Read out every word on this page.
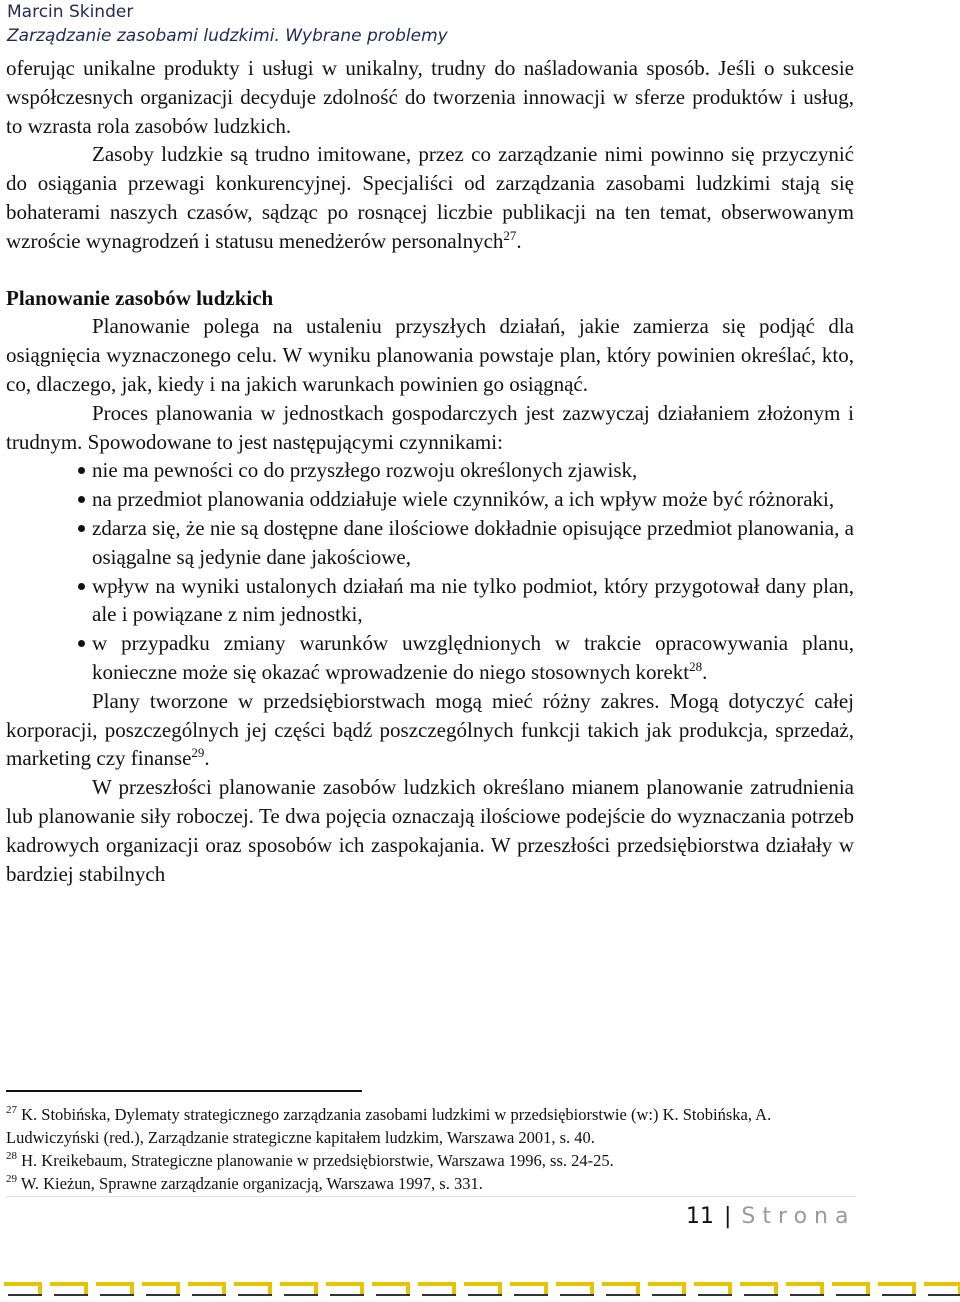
Marcin Skinder
Zarządzanie zasobami ludzkimi. Wybrane problemy

oferując unikalne produkty i usługi w unikalny, trudny do naśladowania sposób. Jeśli o sukcesie współczesnych organizacji decyduje zdolność do tworzenia innowacji w sferze produktów i usług, to wzrasta rola zasobów ludzkich.

Zasoby ludzkie są trudno imitowane, przez co zarządzanie nimi powinno się przyczynić do osiągania przewagi konkurencyjnej. Specjaliści od zarządzania zasobami ludzkimi stają się bohaterami naszych czasów, sądząc po rosnącej liczbie publikacji na ten temat, obserwowanym wzroście wynagrodzeń i statusu menedżerów personalnych$^{27}$.

Planowanie zasobów ludzkich

Planowanie polega na ustaleniu przyszłych działań, jakie zamierza się podjąć dla osiągnięcia wyznaczonego celu. W wyniku planowania powstaje plan, który powinien określać, kto, co, dlaczego, jak, kiedy i na jakich warunkach powinien go osiągnąć.

Proces planowania w jednostkach gospodarczych jest zazwyczaj działaniem złożonym i trudnym. Spowodowane to jest następującymi czynnikami:

nie ma pewności co do przyszłego rozwoju określonych zjawisk,
na przedmiot planowania oddziałuje wiele czynników, a ich wpływ może być różnoraki,
zdarza się, że nie są dostępne dane ilościowe dokładnie opisujące przedmiot planowania, a osiągalne są jedynie dane jakościowe,
wpływ na wyniki ustalonych działań ma nie tylko podmiot, który przygotował dany plan, ale i powiązane z nim jednostki,
w przypadku zmiany warunków uwzględnionych w trakcie opracowywania planu, konieczne może się okazać wprowadzenie do niego stosownych korekt$^{28}$.

Plany tworzone w przedsiębiorstwach mogą mieć różny zakres. Mogą dotyczyć całej korporacji, poszczególnych jej części bądź poszczególnych funkcji takich jak produkcja, sprzedaż, marketing czy finanse$^{29}$.

W przeszłości planowanie zasobów ludzkich określano mianem planowanie zatrudnienia lub planowanie siły roboczej. Te dwa pojęcia oznaczają ilościowe podejście do wyznaczania potrzeb kadrowych organizacji oraz sposobów ich zaspokajania. W przeszłości przedsiębiorstwa działały w bardziej stabilnych

$^{27}$ K. Stobińska, Dylematy strategicznego zarządzania zasobami ludzkimi w przedsiębiorstwie (w:) K. Stobińska, A. Ludwiczyński (red.), Zarządzanie strategiczne kapitałem ludzkim, Warszawa 2001, s. 40.

$^{28}$ H. Kreikebaum, Strategiczne planowanie w przedsiębiorstwie, Warszawa 1996, ss. 24-25.

$^{29}$ W. Kieżun, Sprawne zarządzanie organizacją, Warszawa 1997, s. 331.

11 | Strona
